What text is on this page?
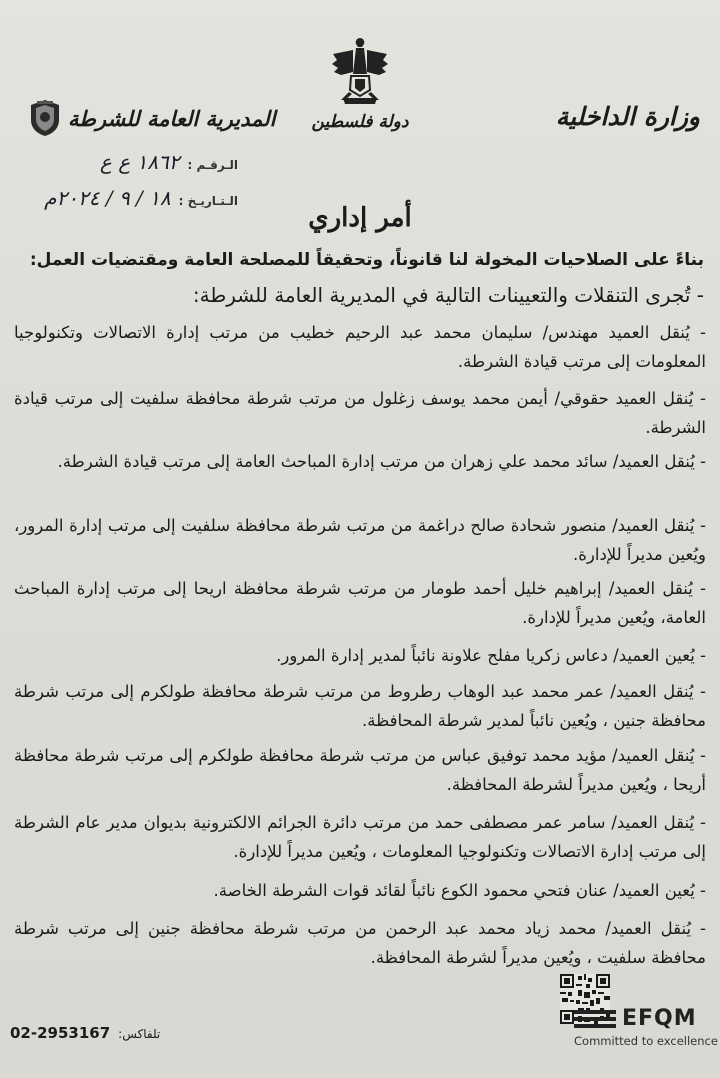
وزارة الداخلية
دولة فلسطين
المديرية العامة للشرطة
الـرقـم :
١٨٦٢ ع ع
الـتـاريـخ :
١٨ / ٩ / ٢٠٢٤م
أمر إداري
بناءً على الصلاحيات المخولة لنا قانوناً، وتحقيقاً للمصلحة العامة ومقتضيات العمل:
- تُجرى التنقلات والتعيينات التالية في المديرية العامة للشرطة:
- يُنقل العميد مهندس/ سليمان محمد عبد الرحيم خطيب من مرتب إدارة الاتصالات وتكنولوجيا المعلومات إلى مرتب قيادة الشرطة.
- يُنقل العميد حقوقي/ أيمن محمد يوسف زغلول من مرتب شرطة محافظة سلفيت إلى مرتب قيادة الشرطة.
- يُنقل العميد/ سائد محمد علي زهران من مرتب إدارة المباحث العامة إلى مرتب قيادة الشرطة.
- يُنقل العميد/ منصور شحادة صالح دراغمة من مرتب شرطة محافظة سلفيت إلى مرتب إدارة المرور، ويُعين مديراً للإدارة.
- يُنقل العميد/ إبراهيم خليل أحمد طومار من مرتب شرطة محافظة اريحا إلى مرتب إدارة المباحث العامة، ويُعين مديراً للإدارة.
- يُعين العميد/ دعاس زكريا مفلح علاونة نائباً لمدير إدارة المرور.
- يُنقل العميد/ عمر محمد عبد الوهاب رطروط من مرتب شرطة محافظة طولكرم إلى مرتب شرطة محافظة جنين ، ويُعين نائباً لمدير شرطة المحافظة.
- يُنقل العميد/ مؤيد محمد توفيق عباس من مرتب شرطة محافظة طولكرم إلى مرتب شرطة محافظة أريحا ، ويُعين مديراً لشرطة المحافظة.
- يُنقل العميد/ سامر عمر مصطفى حمد من مرتب دائرة الجرائم الالكترونية بديوان مدير عام الشرطة إلى مرتب إدارة الاتصالات وتكنولوجيا المعلومات ، ويُعين مديراً للإدارة.
- يُعين العميد/ عنان فتحي محمود الكوع نائباً لقائد قوات الشرطة الخاصة.
- يُنقل العميد/ محمد زياد محمد عبد الرحمن من مرتب شرطة محافظة جنين إلى مرتب شرطة محافظة سلفيت ، ويُعين مديراً لشرطة المحافظة.
تلفاكس:
02-2953167
EFQM
Committed to excellence
